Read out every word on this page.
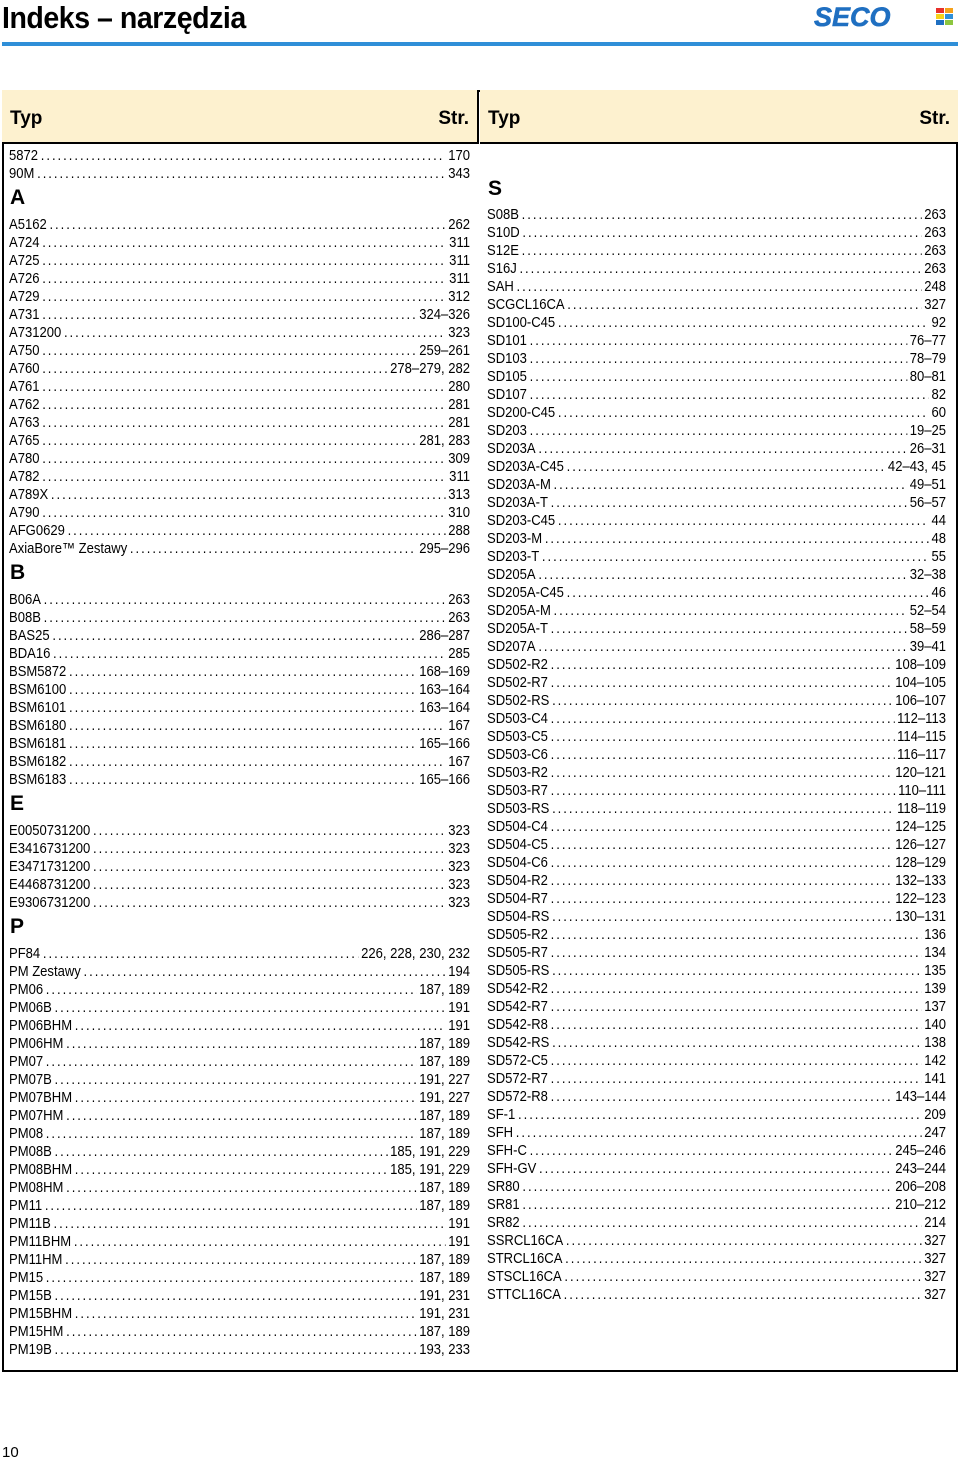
Indeks – narzędzia	SECO
Typ	Str.
5872 .....	170
90M .....	343
A
A5162 .....	262
A724 .....	311
A725 .....	311
A726 .....	311
A729 .....	312
A731 .....	324–326
A731200 .....	323
A750 .....	259–261
A760 .....	278–279, 282
A761 .....	280
A762 .....	281
A763 .....	281
A765 .....	281, 283
A780 .....	309
A782 .....	311
A789X .....	313
A790 .....	310
AFG0629 .....	288
AxiaBore™ Zestawy .....	295–296
B
B06A .....	263
B08B .....	263
BAS25 .....	286–287
BDA16 .....	285
BSM5872 .....	168–169
BSM6100 .....	163–164
BSM6101 .....	163–164
BSM6180 .....	167
BSM6181 .....	165–166
BSM6182 .....	167
BSM6183 .....	165–166
E
E0050731200 .....	323
E3416731200 .....	323
E3471731200 .....	323
E4468731200 .....	323
E9306731200 .....	323
P
PF84 .....	226, 228, 230, 232
PM Zestawy .....	194
PM06 .....	187, 189
PM06B .....	191
PM06BHM .....	191
PM06HM .....	187, 189
PM07 .....	187, 189
PM07B .....	191, 227
PM07BHM .....	191, 227
PM07HM .....	187, 189
PM08 .....	187, 189
PM08B .....	185, 191, 229
PM08BHM .....	185, 191, 229
PM08HM .....	187, 189
PM11 .....	187, 189
PM11B .....	191
PM11BHM .....	191
PM11HM .....	187, 189
PM15 .....	187, 189
PM15B .....	191, 231
PM15BHM .....	191, 231
PM15HM .....	187, 189
PM19B .....	193, 233
Typ	Str.
S
S08B .....	263
S10D .....	263
S12E .....	263
S16J .....	263
SAH .....	248
SCGCL16CA .....	327
SD100-C45 .....	92
SD101 .....	76–77
SD103 .....	78–79
SD105 .....	80–81
SD107 .....	82
SD200-C45 .....	60
SD203 .....	19–25
SD203A .....	26–31
SD203A-C45 .....	42–43, 45
SD203A-M .....	49–51
SD203A-T .....	56–57
SD203-C45 .....	44
SD203-M .....	48
SD203-T .....	55
SD205A .....	32–38
SD205A-C45 .....	46
SD205A-M .....	52–54
SD205A-T .....	58–59
SD207A .....	39–41
SD502-R2 .....	108–109
SD502-R7 .....	104–105
SD502-RS .....	106–107
SD503-C4 .....	112–113
SD503-C5 .....	114–115
SD503-C6 .....	116–117
SD503-R2 .....	120–121
SD503-R7 .....	110–111
SD503-RS .....	118–119
SD504-C4 .....	124–125
SD504-C5 .....	126–127
SD504-C6 .....	128–129
SD504-R2 .....	132–133
SD504-R7 .....	122–123
SD504-RS .....	130–131
SD505-R2 .....	136
SD505-R7 .....	134
SD505-RS .....	135
SD542-R2 .....	139
SD542-R7 .....	137
SD542-R8 .....	140
SD542-RS .....	138
SD572-C5 .....	142
SD572-R7 .....	141
SD572-R8 .....	143–144
SF-1 .....	209
SFH .....	247
SFH-C .....	245–246
SFH-GV .....	243–244
SR80 .....	206–208
SR81 .....	210–212
SR82 .....	214
SSRCL16CA .....	327
STRCL16CA .....	327
STSCL16CA .....	327
STTCL16CA .....	327
10
